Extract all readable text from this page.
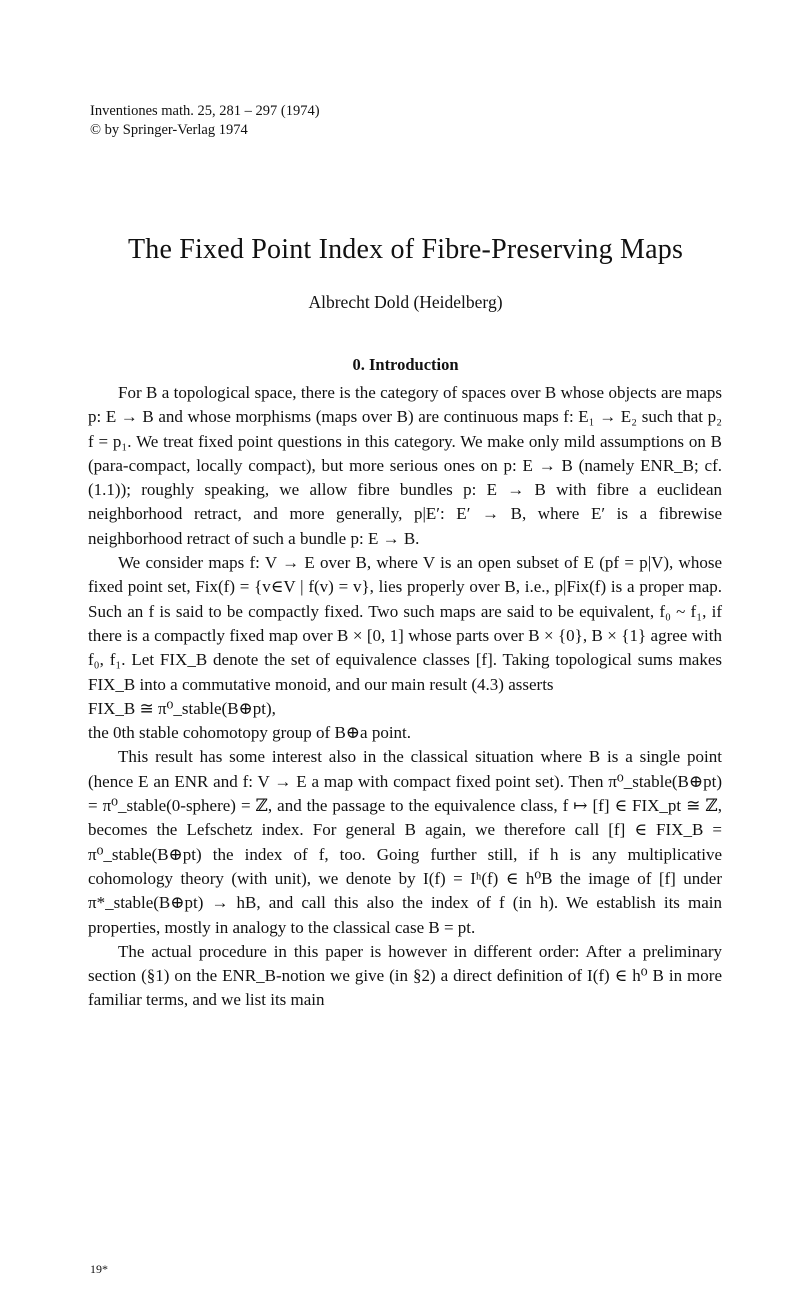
Inventiones math. 25, 281 – 297 (1974)
© by Springer-Verlag 1974
The Fixed Point Index of Fibre-Preserving Maps
Albrecht Dold (Heidelberg)
0. Introduction

For B a topological space, there is the category of spaces over B whose objects are maps p: E → B and whose morphisms (maps over B) are continuous maps f: E₁ → E₂ such that p₂ f = p₁. We treat fixed point questions in this category. We make only mild assumptions on B (para-compact, locally compact), but more serious ones on p: E → B (namely ENR_B; cf. (1.1)); roughly speaking, we allow fibre bundles p: E → B with fibre a euclidean neighborhood retract, and more generally, p|E′: E′ → B, where E′ is a fibrewise neighborhood retract of such a bundle p: E → B.

We consider maps f: V → E over B, where V is an open subset of E (pf = p|V), whose fixed point set, Fix(f) = {v∈V | f(v) = v}, lies properly over B, i.e., p|Fix(f) is a proper map. Such an f is said to be compactly fixed. Two such maps are said to be equivalent, f₀ ~ f₁, if there is a compactly fixed map over B × [0, 1] whose parts over B × {0}, B × {1} agree with f₀, f₁. Let FIX_B denote the set of equivalence classes [f]. Taking topological sums makes FIX_B into a commutative monoid, and our main result (4.3) asserts

FIX_B ≅ π⁰_stable(B⊕pt),

the 0th stable cohomotopy group of B⊕a point.

This result has some interest also in the classical situation where B is a single point (hence E an ENR and f: V → E a map with compact fixed point set). Then π⁰_stable(B⊕pt) = π⁰_stable(0-sphere) = ℤ, and the passage to the equivalence class, f ↦ [f] ∈ FIX_pt ≅ ℤ, becomes the Lefschetz index. For general B again, we therefore call [f] ∈ FIX_B = π⁰_stable(B⊕pt) the index of f, too. Going further still, if h is any multiplicative cohomology theory (with unit), we denote by I(f) = Iʰ(f) ∈ h⁰B the image of [f] under π*_stable(B⊕pt) → hB, and call this also the index of f (in h). We establish its main properties, mostly in analogy to the classical case B = pt.

The actual procedure in this paper is however in different order: After a preliminary section (§1) on the ENR_B-notion we give (in §2) a direct definition of I(f) ∈ h⁰ B in more familiar terms, and we list its main

19*
